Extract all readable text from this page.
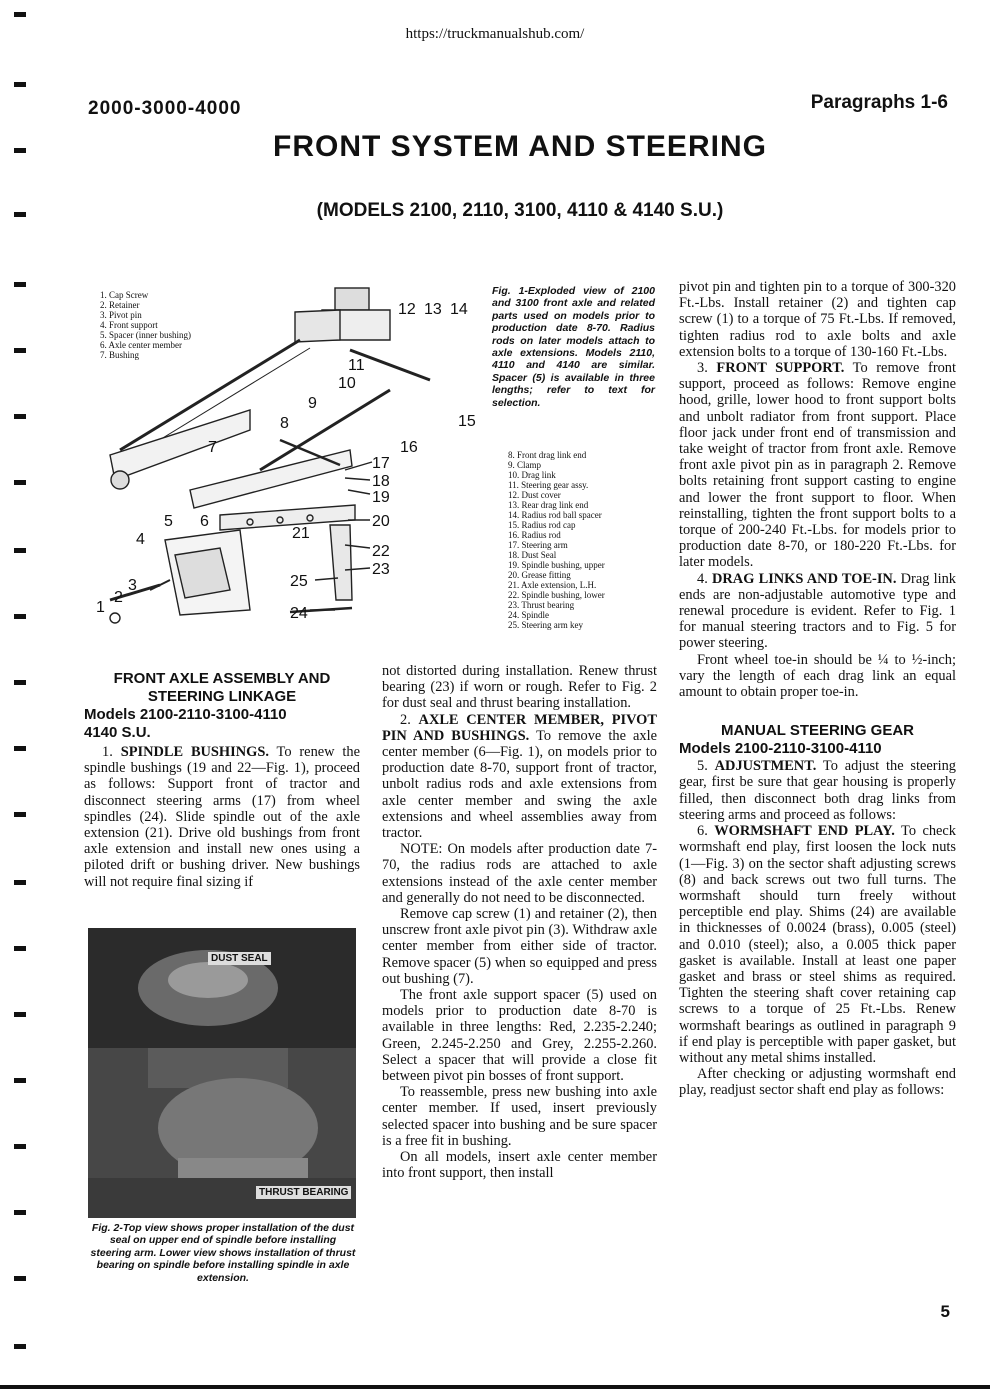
https://truckmanualshub.com/
2000-3000-4000	Paragraphs 1-6
FRONT SYSTEM AND STEERING
(MODELS 2100, 2110, 3100, 4110 & 4140 S.U.)
1. Cap Screw
2. Retainer
3. Pivot pin
4. Front support
5. Spacer (inner bushing)
6. Axle center member
7. Bushing
12 13 14
11
10
9
8	15
16
7
17
18
19
20
21
22
23
5 6
4
3
2
1
25
24
Fig. 1-Exploded view of 2100 and 3100 front axle and related parts used on models prior to production date 8-70. Radius rods on later models attach to axle extensions. Models 2110, 4110 and 4140 are similar. Spacer (5) is available in three lengths; refer to text for selection.
8. Front drag link end
9. Clamp
10. Drag link
11. Steering gear assy.
12. Dust cover
13. Rear drag link end
14. Radius rod ball spacer
15. Radius rod cap
16. Radius rod
17. Steering arm
18. Dust Seal
19. Spindle bushing, upper
20. Grease fitting
21. Axle extension, L.H.
22. Spindle bushing, lower
23. Thrust bearing
24. Spindle
25. Steering arm key
FRONT AXLE ASSEMBLY AND STEERING LINKAGE
Models 2100-2110-3100-4110
4140 S.U.

1. SPINDLE BUSHINGS. To renew the spindle bushings (19 and 22—Fig. 1), proceed as follows: Support front of tractor and disconnect steering arms (17) from wheel spindles (24). Slide spindle out of the axle extension (21). Drive old bushings from front axle extension and install new ones using a piloted drift or bushing driver. New bushings will not require final sizing if

DUST SEAL
THRUST BEARING
Fig. 2-Top view shows proper installation of the dust seal on upper end of spindle before installing steering arm. Lower view shows installation of thrust bearing on spindle before installing spindle in axle extension.

not distorted during installation. Renew thrust bearing (23) if worn or rough. Refer to Fig. 2 for dust seal and thrust bearing installation.

2. AXLE CENTER MEMBER, PIVOT PIN AND BUSHINGS. To remove the axle center member (6—Fig. 1), on models prior to production date 8-70, support front of tractor, unbolt radius rods and axle extensions from axle center member and swing the axle extensions and wheel assemblies away from tractor.

NOTE: On models after production date 7-70, the radius rods are attached to axle extensions instead of the axle center member and generally do not need to be disconnected.

Remove cap screw (1) and retainer (2), then unscrew front axle pivot pin (3). Withdraw axle center member from either side of tractor. Remove spacer (5) when so equipped and press out bushing (7).

The front axle support spacer (5) used on models prior to production date 8-70 is available in three lengths: Red, 2.235-2.240; Green, 2.245-2.250 and Grey, 2.255-2.260. Select a spacer that will provide a close fit between pivot pin bosses of front support.

To reassemble, press new bushing into axle center member. If used, insert previously selected spacer into bushing and be sure spacer is a free fit in bushing.

On all models, insert axle center member into front support, then install

pivot pin and tighten pin to a torque of 300-320 Ft.-Lbs. Install retainer (2) and tighten cap screw (1) to a torque of 75 Ft.-Lbs. If removed, tighten radius rod to axle bolts and axle extension bolts to a torque of 130-160 Ft.-Lbs.

3. FRONT SUPPORT. To remove front support, proceed as follows: Remove engine hood, grille, lower hood to front support bolts and unbolt radiator from front support. Place floor jack under front end of transmission and take weight of tractor from front axle. Remove front axle pivot pin as in paragraph 2. Remove bolts retaining front support casting to engine and lower the front support to floor. When reinstalling, tighten the front support bolts to a torque of 200-240 Ft.-Lbs. for models prior to production date 8-70, or 180-220 Ft.-Lbs. for later models.

4. DRAG LINKS AND TOE-IN. Drag link ends are non-adjustable automotive type and renewal procedure is evident. Refer to Fig. 1 for manual steering tractors and to Fig. 5 for power steering.

Front wheel toe-in should be ¼ to ½-inch; vary the length of each drag link an equal amount to obtain proper toe-in.

MANUAL STEERING GEAR
Models 2100-2110-3100-4110

5. ADJUSTMENT. To adjust the steering gear, first be sure that gear housing is properly filled, then disconnect both drag links from steering arms and proceed as follows:

6. WORMSHAFT END PLAY. To check wormshaft end play, first loosen the lock nuts (1—Fig. 3) on the sector shaft adjusting screws (8) and back screws out two full turns. The wormshaft should turn freely without perceptible end play. Shims (24) are available in thicknesses of 0.0024 (brass), 0.005 (steel) and 0.010 (steel); also, a 0.005 thick paper gasket is available. Install at least one paper gasket and brass or steel shims as required. Tighten the steering shaft cover retaining cap screws to a torque of 25 Ft.-Lbs. Renew wormshaft bearings as outlined in paragraph 9 if end play is perceptible with paper gasket, but without any metal shims installed.

After checking or adjusting wormshaft end play, readjust sector shaft end play as follows:

5
